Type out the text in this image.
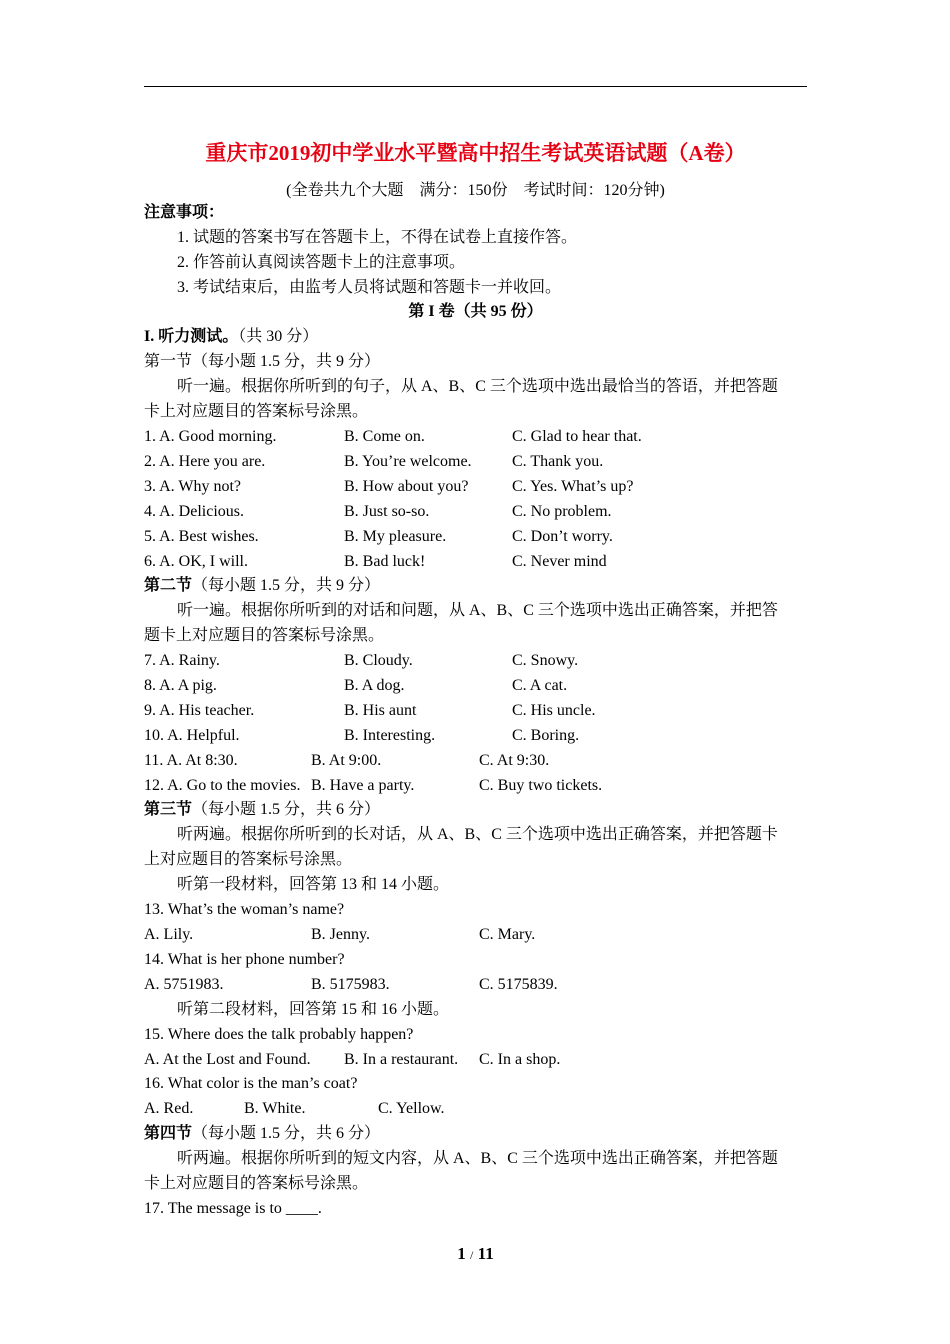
重庆市2019初中学业水平暨高中招生考试英语试题（A卷）
(全卷共九个大题    满分：150份    考试时间：120分钟)
注意事项：
1. 试题的答案书写在答题卡上，不得在试卷上直接作答。
2. 作答前认真阅读答题卡上的注意事项。
3. 考试结束后，由监考人员将试题和答题卡一并收回。
第 I 卷（共 95 份）
I. 听力测试。（共 30 分）
第一节（每小题 1.5 分，共 9 分）
听一遍。根据你所听到的句子，从 A、B、C 三个选项中选出最恰当的答语，并把答题
卡上对应题目的答案标号涂黑。
1. A. Good morning.	B. Come on.	C. Glad to hear that.
2. A. Here you are.	B. You’re welcome.	C. Thank you.
3. A. Why not?	B. How about you?	C. Yes. What’s up?
4. A. Delicious.	B. Just so-so.	C. No problem.
5. A. Best wishes.	B. My pleasure.	C. Don’t worry.
6. A. OK, I will.	B. Bad luck!	C. Never mind
第二节（每小题 1.5 分，共 9 分）
听一遍。根据你所听到的对话和问题，从 A、B、C 三个选项中选出正确答案，并把答
题卡上对应题目的答案标号涂黑。
7. A. Rainy.	B. Cloudy.	C. Snowy.
8. A. A pig.	B. A dog.	C. A cat.
9. A. His teacher.	B. His aunt	C. His uncle.
10. A. Helpful.	B. Interesting.	C. Boring.
11. A. At 8:30.	B. At 9:00.	C. At 9:30.
12. A. Go to the movies. B. Have a party.	C. Buy two tickets.
第三节（每小题 1.5 分，共 6 分）
听两遍。根据你所听到的长对话，从 A、B、C 三个选项中选出正确答案，并把答题卡
上对应题目的答案标号涂黑。
听第一段材料，回答第 13 和 14 小题。
13. What’s the woman’s name?
A. Lily.	B. Jenny.	C. Mary.
14. What is her phone number?
A. 5751983.	B. 5175983.	C. 5175839.
听第二段材料，回答第 15 和 16 小题。
15. Where does the talk probably happen?
A. At the Lost and Found. B. In a restaurant. C. In a shop.
16. What color is the man’s coat?
A. Red.	B. White.	C. Yellow.
第四节（每小题 1.5 分，共 6 分）
听两遍。根据你所听到的短文内容，从 A、B、C 三个选项中选出正确答案，并把答题
卡上对应题目的答案标号涂黑。
17. The message is to ____.
1 / 11
